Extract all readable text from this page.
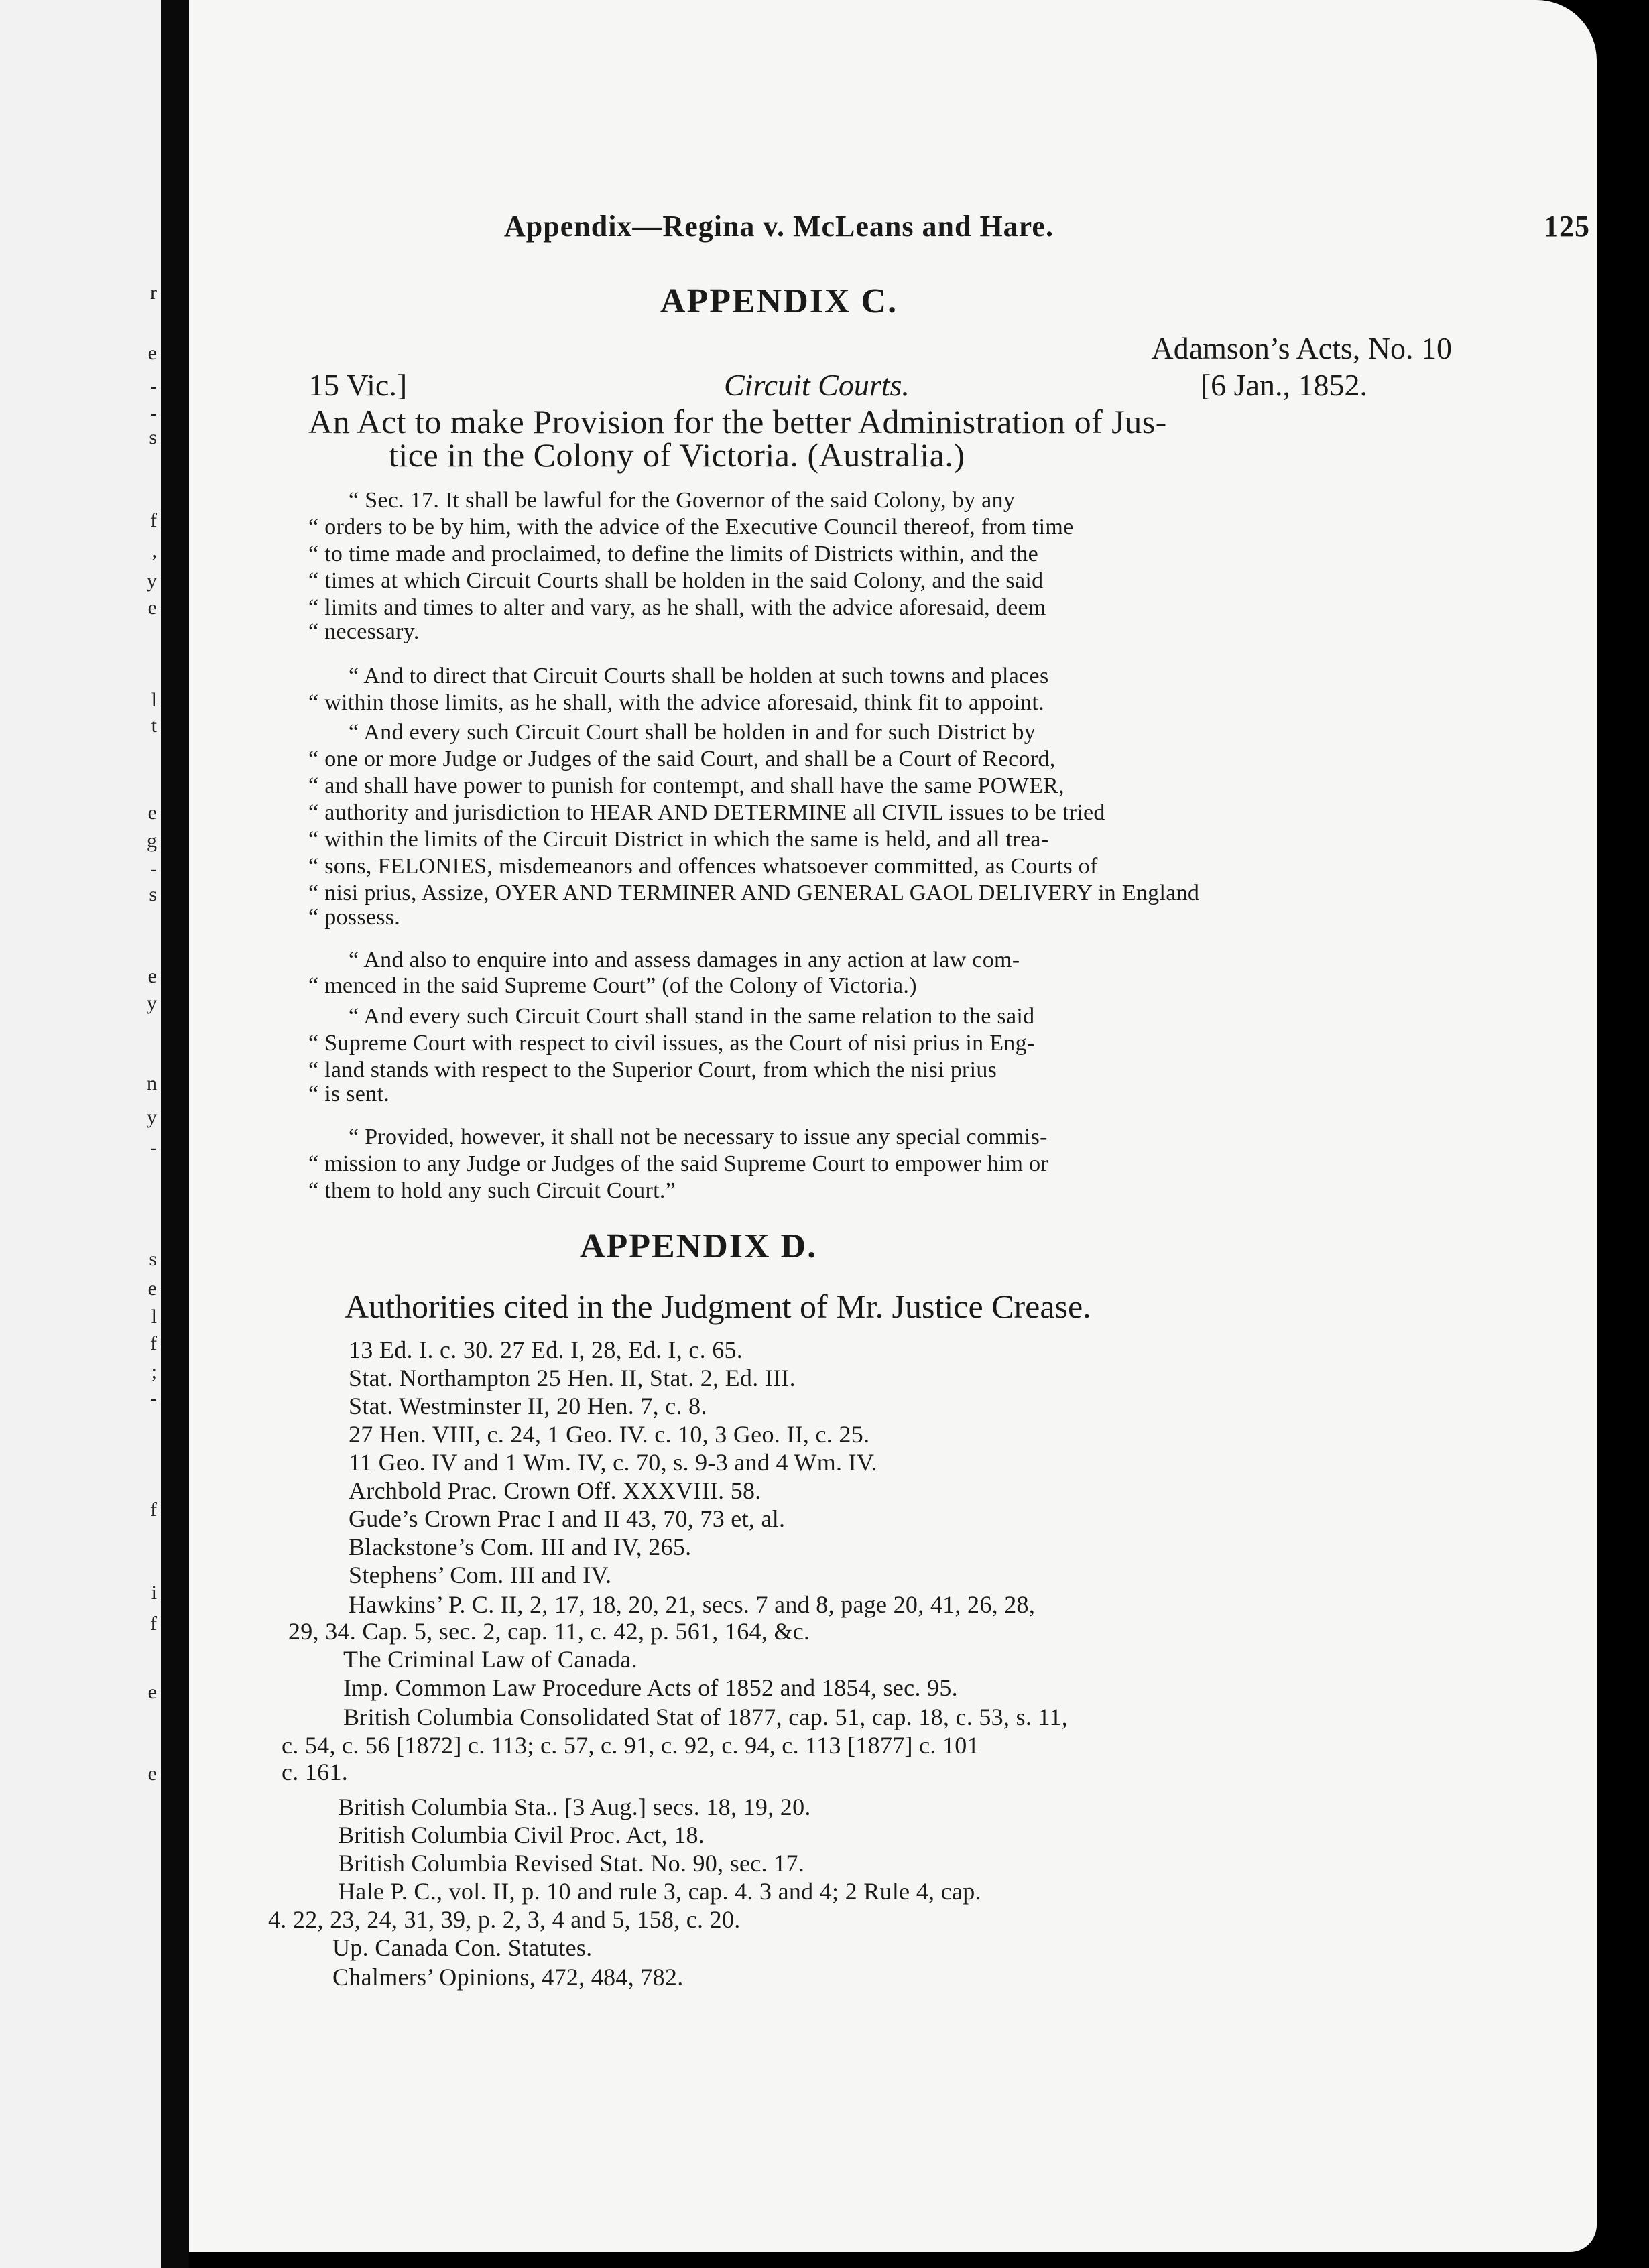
r
e
-
-
s
f
,
y
e
l
t
e
g
-
s
e
y
n
y
-
s
e
l
f
;
-
f
i
f
e
e
Appendix—Regina v. McLeans and Hare.	125
APPENDIX C.
Adamson’s Acts, No. 10
15 Vic.]	Circuit Courts.	[6 Jan., 1852.
An Act to make Provision for the better Administration of Jus-
tice in the Colony of Victoria. (Australia.)
“ Sec. 17. It shall be lawful for the Governor of the said Colony, by any
“ orders to be by him, with the advice of the Executive Council thereof, from time
“ to time made and proclaimed, to define the limits of Districts within, and the
“ times at which Circuit Courts shall be holden in the said Colony, and the said
“ limits and times to alter and vary, as he shall, with the advice aforesaid, deem
“ necessary.
“ And to direct that Circuit Courts shall be holden at such towns and places
“ within those limits, as he shall, with the advice aforesaid, think fit to appoint.
“ And every such Circuit Court shall be holden in and for such District by
“ one or more Judge or Judges of the said Court, and shall be a Court of Record,
“ and shall have power to punish for contempt, and shall have the same POWER,
“ authority and jurisdiction to HEAR AND DETERMINE all CIVIL issues to be tried
“ within the limits of the Circuit District in which the same is held, and all trea-
“ sons, FELONIES, misdemeanors and offences whatsoever committed, as Courts of
“ nisi prius, Assize, OYER AND TERMINER AND GENERAL GAOL DELIVERY in England
“ possess.
“ And also to enquire into and assess damages in any action at law com-
“ menced in the said Supreme Court” (of the Colony of Victoria.)
“ And every such Circuit Court shall stand in the same relation to the said
“ Supreme Court with respect to civil issues, as the Court of nisi prius in Eng-
“ land stands with respect to the Superior Court, from which the nisi prius
“ is sent.
“ Provided, however, it shall not be necessary to issue any special commis-
“ mission to any Judge or Judges of the said Supreme Court to empower him or
“ them to hold any such Circuit Court.”
APPENDIX D.
Authorities cited in the Judgment of Mr. Justice Crease.
13 Ed. I. c. 30. 27 Ed. I, 28, Ed. I, c. 65.
Stat. Northampton 25 Hen. II, Stat. 2, Ed. III.
Stat. Westminster II, 20 Hen. 7, c. 8.
27 Hen. VIII, c. 24, 1 Geo. IV. c. 10, 3 Geo. II, c. 25.
11 Geo. IV and 1 Wm. IV, c. 70, s. 9-3 and 4 Wm. IV.
Archbold Prac. Crown Off. XXXVIII. 58.
Gude’s Crown Prac I and II 43, 70, 73 et, al.
Blackstone’s Com. III and IV, 265.
Stephens’ Com. III and IV.
Hawkins’ P. C. II, 2, 17, 18, 20, 21, secs. 7 and 8, page 20, 41, 26, 28,
29, 34. Cap. 5, sec. 2, cap. 11, c. 42, p. 561, 164, &c.
The Criminal Law of Canada.
Imp. Common Law Procedure Acts of 1852 and 1854, sec. 95.
British Columbia Consolidated Stat of 1877, cap. 51, cap. 18, c. 53, s. 11,
c. 54, c. 56 [1872] c. 113; c. 57, c. 91, c. 92, c. 94, c. 113 [1877] c. 101
c. 161.
British Columbia Sta.. [3 Aug.] secs. 18, 19, 20.
British Columbia Civil Proc. Act, 18.
British Columbia Revised Stat. No. 90, sec. 17.
Hale P. C., vol. II, p. 10 and rule 3, cap. 4. 3 and 4; 2 Rule 4, cap.
4. 22, 23, 24, 31, 39, p. 2, 3, 4 and 5, 158, c. 20.
Up. Canada Con. Statutes.
Chalmers’ Opinions, 472, 484, 782.
